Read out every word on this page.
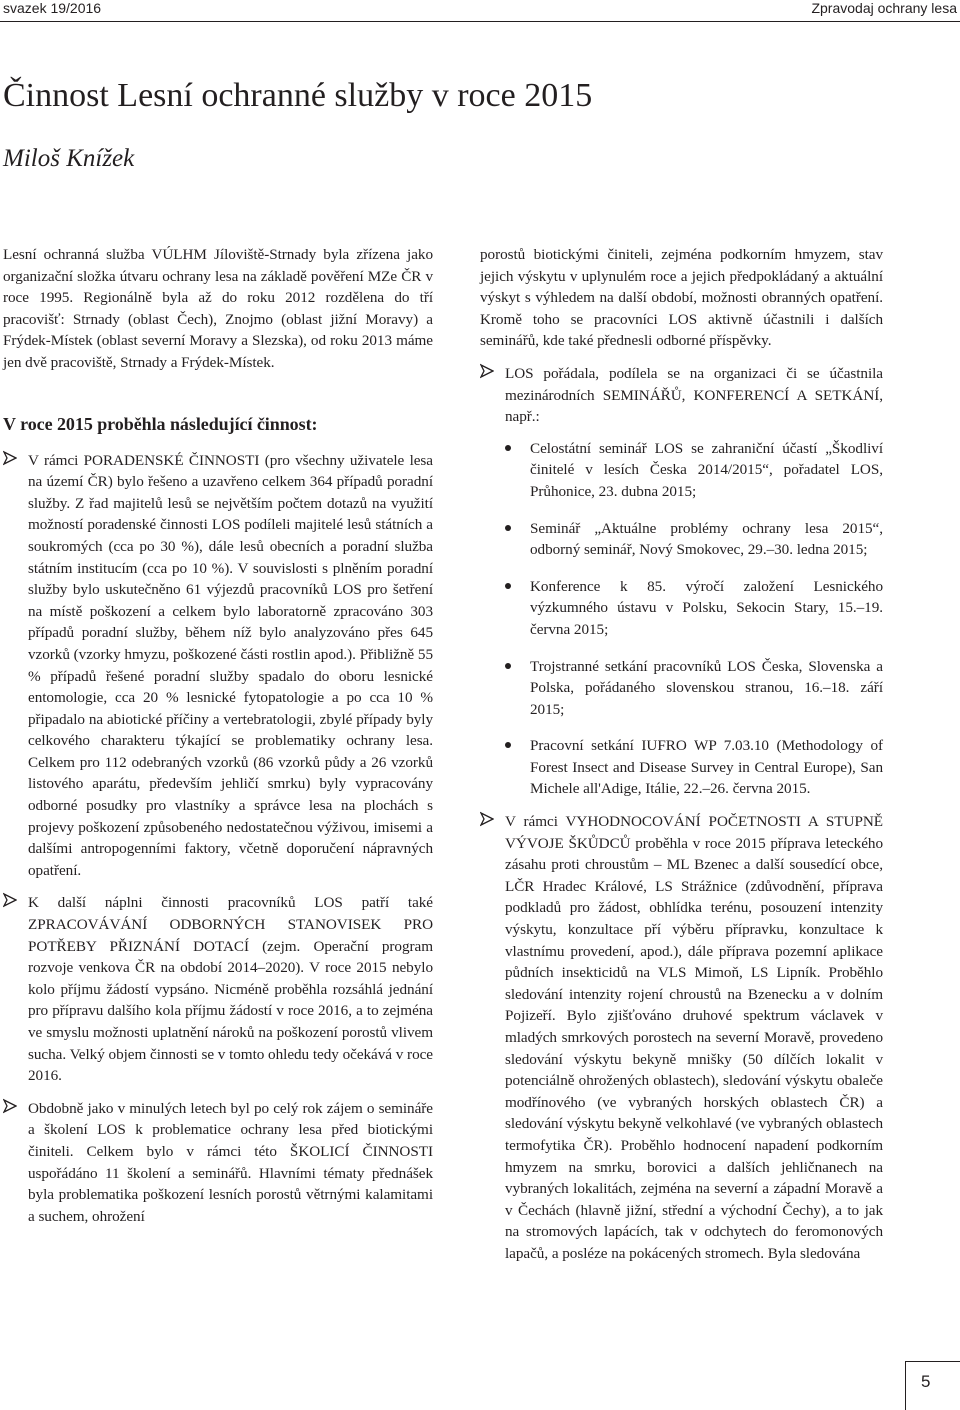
svazek 19/2016	Zpravodaj ochrany lesa
Činnost Lesní ochranné služby v roce 2015
Miloš Knížek

Lesní ochranná služba VÚLHM Jíloviště-Strnady byla zřízena jako organizační složka útvaru ochrany lesa na základě pověření MZe ČR v roce 1995. Regionálně byla až do roku 2012 rozdělena do tří pracovišť: Strnady (oblast Čech), Znojmo (oblast jižní Moravy) a Frýdek-Místek (oblast severní Moravy a Slezska), od roku 2013 máme jen dvě pracoviště, Strnady a Frýdek-Místek.

V roce 2015 proběhla následující činnost:
V rámci PORADENSKÉ ČINNOSTI (pro všechny uživatele lesa na území ČR) bylo řešeno a uzavřeno celkem 364 případů poradní služby. Z řad majitelů lesů se největším počtem dotazů na využití možností poradenské činnosti LOS podíleli majitelé lesů státních a soukromých (cca po 30 %), dále lesů obecních a poradní služba státním institucím (cca po 10 %). V souvislosti s plněním poradní služby bylo uskutečněno 61 výjezdů pracovníků LOS pro šetření na místě poškození a celkem bylo laboratorně zpracováno 303 případů poradní služby, během níž bylo analyzováno přes 645 vzorků (vzorky hmyzu, poškozené části rostlin apod.). Přibližně 55 % případů řešené poradní služby spadalo do oboru lesnické entomologie, cca 20 % lesnické fytopatologie a po cca 10 % připadalo na abiotické příčiny a vertebratologii, zbylé případy byly celkového charakteru týkající se problematiky ochrany lesa. Celkem pro 112 odebraných vzorků (86 vzorků půdy a 26 vzorků listového aparátu, především jehličí smrku) byly vypracovány odborné posudky pro vlastníky a správce lesa na plochách s projevy poškození způsobeného nedostatečnou výživou, imisemi a dalšími antropogenními faktory, včetně doporučení nápravných opatření.
K další náplni činnosti pracovníků LOS patří také ZPRACOVÁVÁNÍ ODBORNÝCH STANOVISEK PRO POTŘEBY PŘIZNÁNÍ DOTACÍ (zejm. Operační program rozvoje venkova ČR na období 2014–2020). V roce 2015 nebylo kolo příjmu žádostí vypsáno. Nicméně proběhla rozsáhlá jednání pro přípravu dalšího kola příjmu žádostí v roce 2016, a to zejména ve smyslu možnosti uplatnění nároků na poškození porostů vlivem sucha. Velký objem činnosti se v tomto ohledu tedy očekává v roce 2016.
Obdobně jako v minulých letech byl po celý rok zájem o semináře a školení LOS k problematice ochrany lesa před biotickými činiteli. Celkem bylo v rámci této ŠKOLICÍ ČINNOSTI uspořádáno 11 školení a seminářů. Hlavními tématy přednášek byla problematika poškození lesních porostů větrnými kalamitami a suchem, ohrožení

porostů biotickými činiteli, zejména podkorním hmyzem, stav jejich výskytu v uplynulém roce a jejich předpokládaný a aktuální výskyt s výhledem na další období, možnosti obranných opatření. Kromě toho se pracovníci LOS aktivně účastnili i dalších seminářů, kde také přednesli odborné příspěvky.

LOS pořádala, podílela se na organizaci či se účastnila mezinárodních SEMINÁŘŮ, KONFERENCÍ A SETKÁNÍ, např.:
Celostátní seminář LOS se zahraniční účastí „Škodliví činitelé v lesích Česka 2014/2015“, pořadatel LOS, Průhonice, 23. dubna 2015;
Seminář „Aktuálne problémy ochrany lesa 2015“, odborný seminář, Nový Smokovec, 29.–30. ledna 2015;
Konference k 85. výročí založení Lesnického výzkumného ústavu v Polsku, Sekocin Stary, 15.–19. června 2015;
Trojstranné setkání pracovníků LOS Česka, Slovenska a Polska, pořádaného slovenskou stranou, 16.–18. září 2015;
Pracovní setkání IUFRO WP 7.03.10 (Methodology of Forest Insect and Disease Survey in Central Europe), San Michele all'Adige, Itálie, 22.–26. června 2015.
V rámci VYHODNOCOVÁNÍ POČETNOSTI A STUPNĚ VÝVOJE ŠKŮDCŮ proběhla v roce 2015 příprava leteckého zásahu proti chroustům – ML Bzenec a další sousedící obce, LČR Hradec Králové, LS Strážnice (zdůvodnění, příprava podkladů pro žádost, obhlídka terénu, posouzení intenzity výskytu, konzultace pří výběru přípravku, konzultace k vlastnímu provedení, apod.), dále příprava pozemní aplikace půdních insekticidů na VLS Mimoň, LS Lipník. Proběhlo sledování intenzity rojení chroustů na Bzenecku a v dolním Pojizeří. Bylo zjišťováno druhové spektrum václavek v mladých smrkových porostech na severní Moravě, provedeno sledování výskytu bekyně mnišky (50 dílčích lokalit v potenciálně ohrožených oblastech), sledování výskytu obaleče modřínového (ve vybraných horských oblastech ČR) a sledování výskytu bekyně velkohlavé (ve vybraných oblastech termofytika ČR). Proběhlo hodnocení napadení podkorním hmyzem na smrku, borovici a dalších jehličnanech na vybraných lokalitách, zejména na severní a západní Moravě a v Čechách (hlavně jižní, střední a východní Čechy), a to jak na stromových lapácích, tak v odchytech do feromonových lapačů, a posléze na pokácených stromech. Byla sledována
5
